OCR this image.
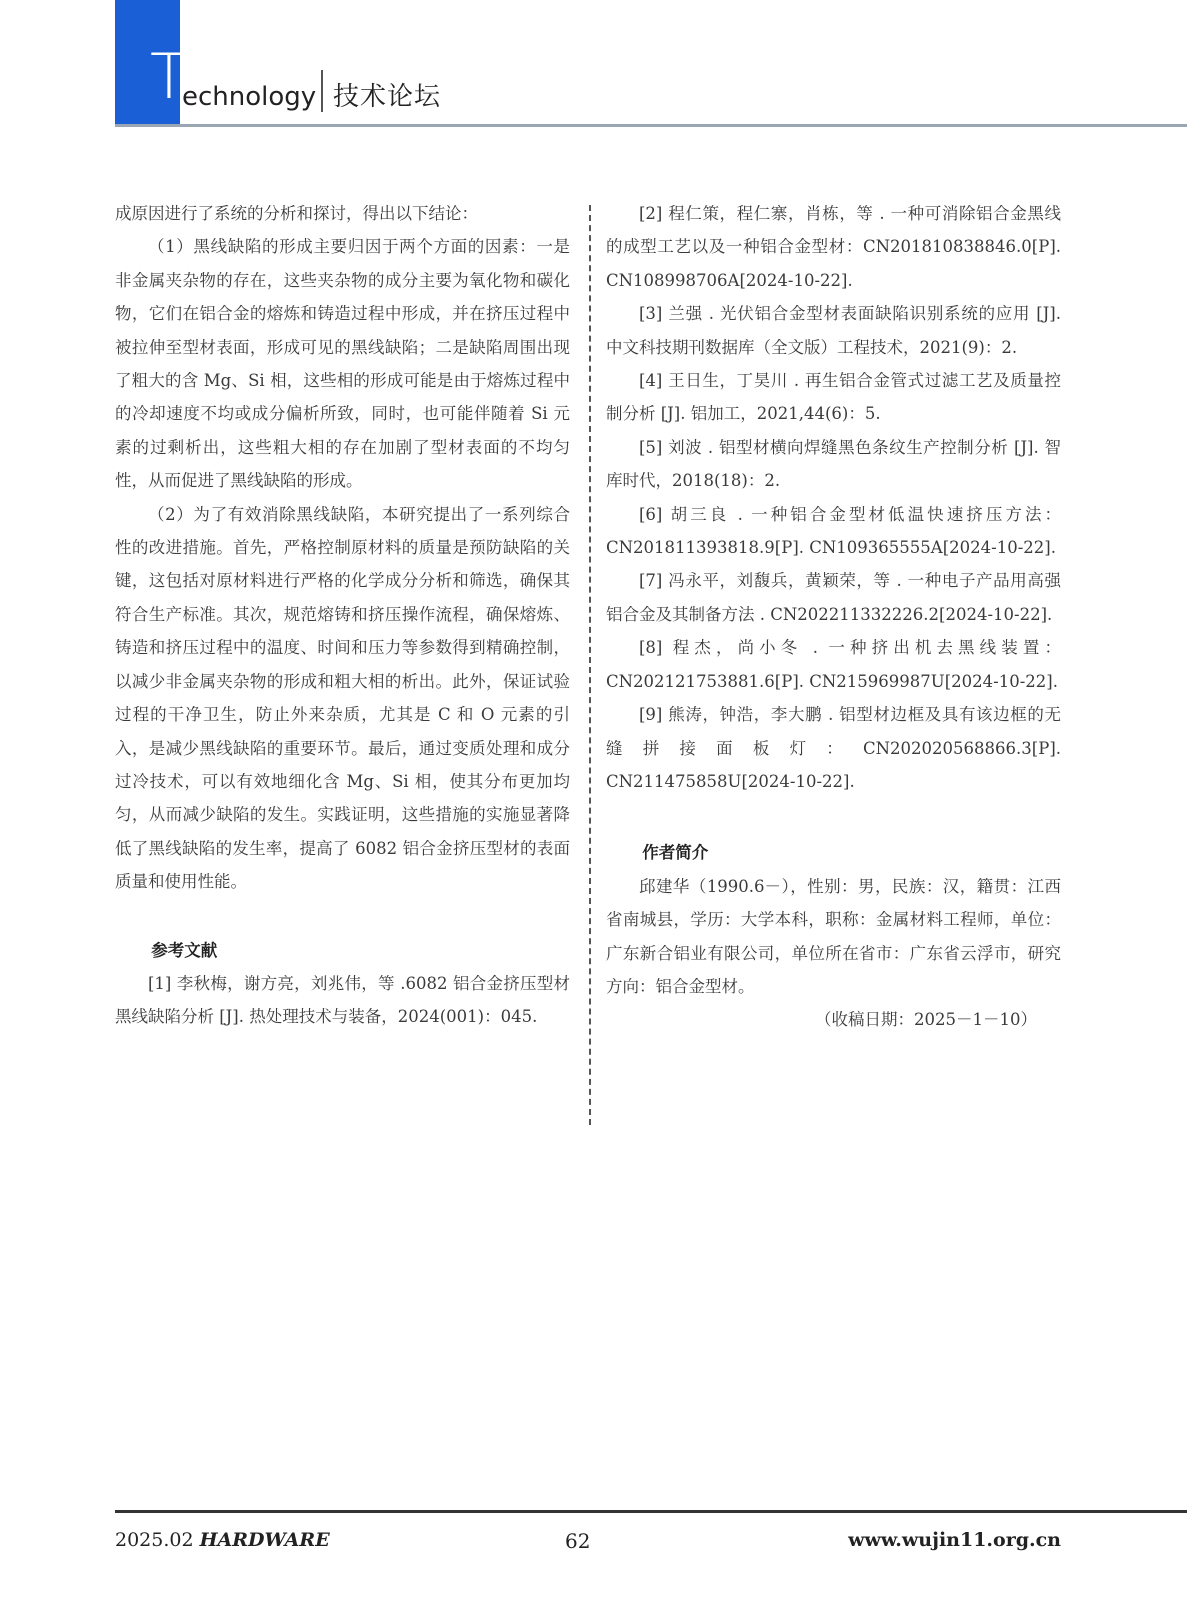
T
echnology 技术论坛

成原因进行了系统的分析和探讨，得出以下结论：

（1）黑线缺陷的形成主要归因于两个方面的因素：一是非金属夹杂物的存在，这些夹杂物的成分主要为氧化物和碳化物，它们在铝合金的熔炼和铸造过程中形成，并在挤压过程中被拉伸至型材表面，形成可见的黑线缺陷；二是缺陷周围出现了粗大的含 Mg、Si 相，这些相的形成可能是由于熔炼过程中的冷却速度不均或成分偏析所致，同时，也可能伴随着 Si 元素的过剩析出，这些粗大相的存在加剧了型材表面的不均匀性，从而促进了黑线缺陷的形成。

（2）为了有效消除黑线缺陷，本研究提出了一系列综合性的改进措施。首先，严格控制原材料的质量是预防缺陷的关键，这包括对原材料进行严格的化学成分分析和筛选，确保其符合生产标准。其次，规范熔铸和挤压操作流程，确保熔炼、铸造和挤压过程中的温度、时间和压力等参数得到精确控制，以减少非金属夹杂物的形成和粗大相的析出。此外，保证试验过程的干净卫生，防止外来杂质，尤其是 C 和 O 元素的引入，是减少黑线缺陷的重要环节。最后，通过变质处理和成分过冷技术，可以有效地细化含 Mg、Si 相，使其分布更加均匀，从而减少缺陷的发生。实践证明，这些措施的实施显著降低了黑线缺陷的发生率，提高了 6082 铝合金挤压型材的表面质量和使用性能。

参考文献

[1] 李秋梅，谢方亮，刘兆伟，等 .6082 铝合金挤压型材黑线缺陷分析 [J]. 热处理技术与装备，2024(001)：045.

[2] 程仁策，程仁寨，肖栋，等 . 一种可消除铝合金黑线的成型工艺以及一种铝合金型材：CN201810838846.0[P]. CN108998706A[2024-10-22].

[3] 兰强 . 光伏铝合金型材表面缺陷识别系统的应用 [J]. 中文科技期刊数据库（全文版）工程技术，2021(9)：2.

[4] 王日生，丁昊川 . 再生铝合金管式过滤工艺及质量控制分析 [J]. 铝加工，2021,44(6)：5.

[5] 刘波 . 铝型材横向焊缝黑色条纹生产控制分析 [J]. 智库时代，2018(18)：2.

[6] 胡三良 . 一种铝合金型材低温快速挤压方法：CN201811393818.9[P]. CN109365555A[2024-10-22].

[7] 冯永平，刘馥兵，黄颖荣，等 . 一种电子产品用高强铝合金及其制备方法 . CN202211332226.2[2024-10-22].

[8] 程杰，尚小冬 . 一种挤出机去黑线装置：CN202121753881.6[P]. CN215969987U[2024-10-22].

[9] 熊涛，钟浩，李大鹏 . 铝型材边框及具有该边框的无缝拼接面板灯：CN202020568866.3[P]. CN211475858U[2024-10-22].

作者简介

邱建华（1990.6－），性别：男，民族：汉，籍贯：江西省南城县，学历：大学本科，职称：金属材料工程师，单位：广东新合铝业有限公司，单位所在省市：广东省云浮市，研究方向：铝合金型材。

（收稿日期：2025－1－10）

2025.02 HARDWARE	62	www.wujin11.org.cn
